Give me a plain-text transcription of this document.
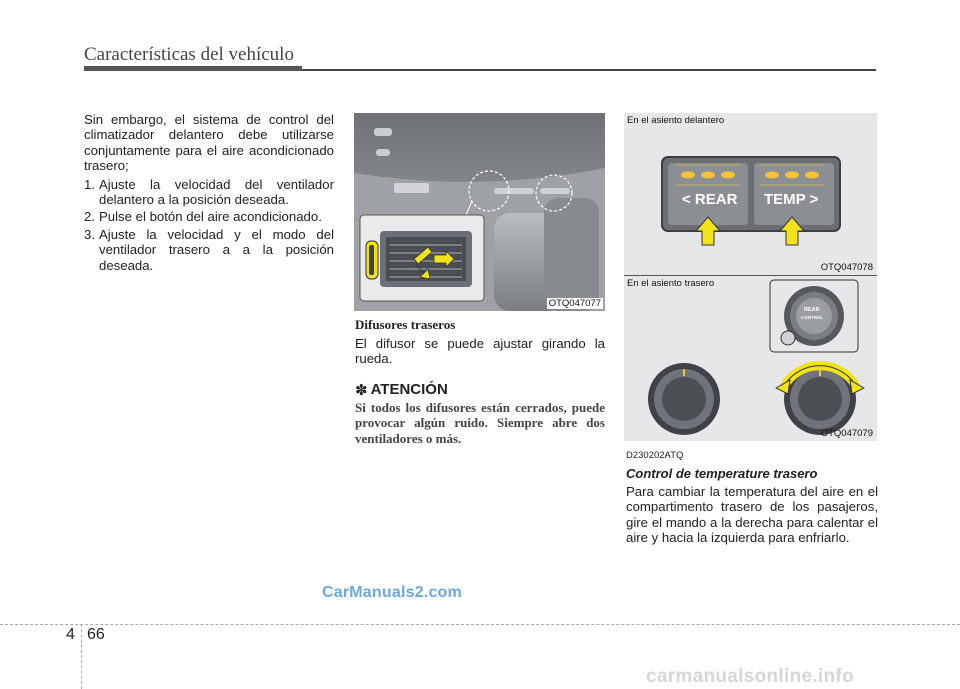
Características del vehículo
Sin embargo, el sistema de control del climatizador delantero debe utilizarse conjuntamente para el aire acondicionado trasero;
1. Ajuste la velocidad del ventilador delantero a la posición deseada.
2. Pulse el botón del aire acondicionado.
3. Ajuste la velocidad y el modo del ventilador trasero a a la posición deseada.
OTQ047077
Difusores traseros
El difusor se puede ajustar girando la rueda.
✽ ATENCIÓN
Si todos los difusores están cerrados, puede provocar algún ruido. Siempre abre dos ventiladores o más.
En el asiento delantero
< REAR TEMP >
OTQ047078
En el asiento trasero
REAR
CONTROL
OTQ047079
D230202ATQ
Control de temperature trasero
Para cambiar la temperatura del aire en el compartimento trasero de los pasajeros, gire el mando a la derecha para calentar el aire y hacia la izquierda para enfriarlo.
CarManuals2.com
4 66
carmanualsonline.info
